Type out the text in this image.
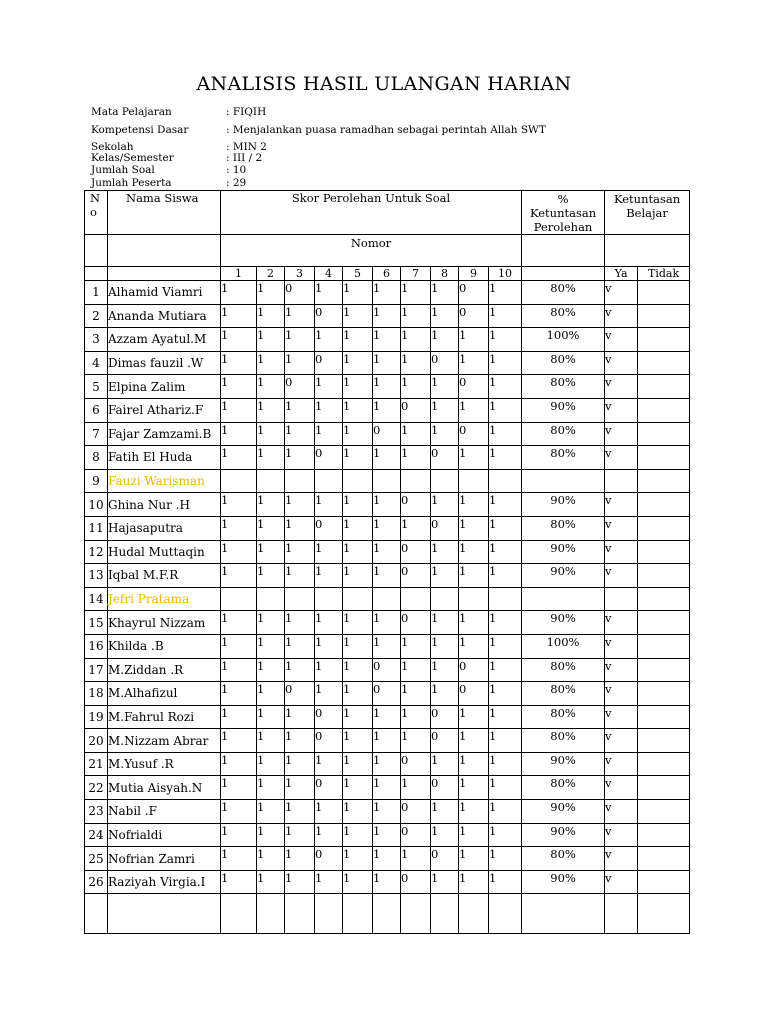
ANALISIS HASIL ULANGAN HARIAN
Mata Pelajaran	: FIQIH
Kompetensi Dasar	: Menjalankan puasa ramadhan sebagai perintah Allah SWT
Sekolah	: MIN 2
Kelas/Semester	: III / 2
Jumlah Soal	: 10
Jumlah Peserta	: 29
N o	Nama Siswa	Skor Perolehan Untuk Soal										% Ketuntasan Perolehan	Ketuntasan Belajar	
		Nomor												
		1	2	3	4	5	6	7	8	9	10		Ya	Tidak
1	Alhamid Viamri	1	1	0	1	1	1	1	1	0	1	80%	v	
2	Ananda Mutiara	1	1	1	0	1	1	1	1	0	1	80%	v	
3	Azzam Ayatul.M	1	1	1	1	1	1	1	1	1	1	100%	v	
4	Dimas fauzil .W	1	1	1	0	1	1	1	0	1	1	80%	v	
5	Elpina Zalim	1	1	0	1	1	1	1	1	0	1	80%	v	
6	Fairel Athariz.F	1	1	1	1	1	1	0	1	1	1	90%	v	
7	Fajar Zamzami.B	1	1	1	1	1	0	1	1	0	1	80%	v	
8	Fatih El Huda	1	1	1	0	1	1	1	0	1	1	80%	v	
9	Fauzi Warisman													
10	Ghina Nur .H	1	1	1	1	1	1	0	1	1	1	90%	v	
11	Hajasaputra	1	1	1	0	1	1	1	0	1	1	80%	v	
12	Hudal Muttaqin	1	1	1	1	1	1	0	1	1	1	90%	v	
13	Iqbal M.F.R	1	1	1	1	1	1	0	1	1	1	90%	v	
14	Jefri Pratama													
15	Khayrul Nizzam	1	1	1	1	1	1	0	1	1	1	90%	v	
16	Khilda .B	1	1	1	1	1	1	1	1	1	1	100%	v	
17	M.Ziddan .R	1	1	1	1	1	0	1	1	0	1	80%	v	
18	M.Alhafizul	1	1	0	1	1	0	1	1	0	1	80%	v	
19	M.Fahrul Rozi	1	1	1	0	1	1	1	0	1	1	80%	v	
20	M.Nizzam Abrar	1	1	1	0	1	1	1	0	1	1	80%	v	
21	M.Yusuf .R	1	1	1	1	1	1	0	1	1	1	90%	v	
22	Mutia Aisyah.N	1	1	1	0	1	1	1	0	1	1	80%	v	
23	Nabil .F	1	1	1	1	1	1	0	1	1	1	90%	v	
24	Nofrialdi	1	1	1	1	1	1	0	1	1	1	90%	v	
25	Nofrian Zamri	1	1	1	0	1	1	1	0	1	1	80%	v	
26	Raziyah Virgia.I	1	1	1	1	1	1	0	1	1	1	90%	v	
